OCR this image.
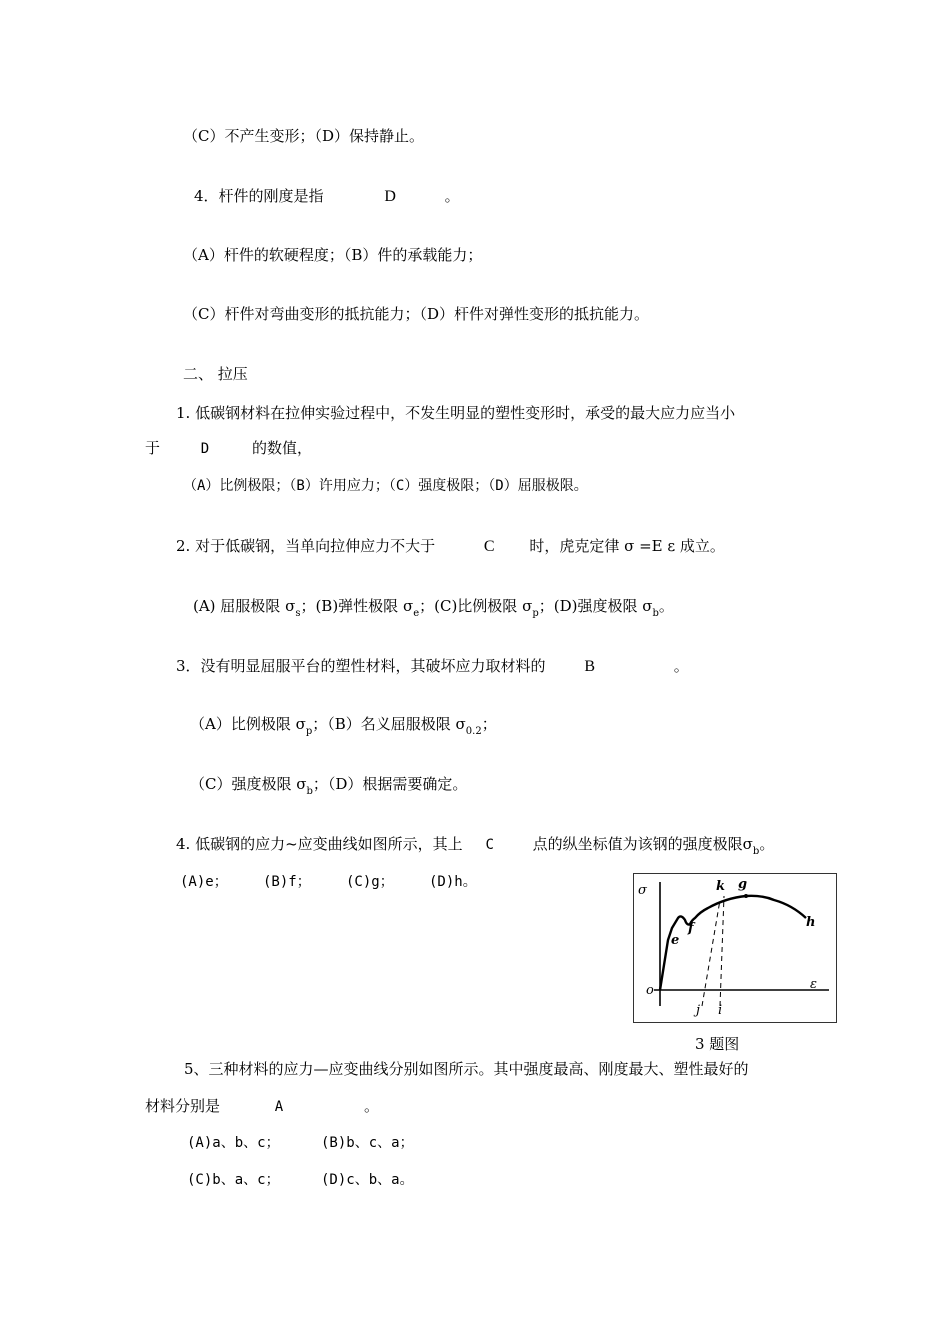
（C）不产生变形；（D）保持静止。
4．杆件的刚度是指	D	。
（A）杆件的软硬程度；（B）件的承载能力；
（C）杆件对弯曲变形的抵抗能力；（D）杆件对弹性变形的抵抗能力。
二、 拉压
1. 低碳钢材料在拉伸实验过程中，不发生明显的塑性变形时，承受的最大应力应当小
于	D	的数值，
（A）比例极限；（B）许用应力；（C）强度极限；（D）屈服极限。
2. 对于低碳钢，当单向拉伸应力不大于	C 时，虎克定律 σ =E ε 成立。
(A) 屈服极限 σs；(B)弹性极限 σe；(C)比例极限 σp；(D)强度极限 σb。
3．没有明显屈服平台的塑性材料，其破坏应力取材料的 B	。
（A）比例极限 σp；（B）名义屈服极限 σ0.2；
（C）强度极限 σb；（D）根据需要确定。
4. 低碳钢的应力~应变曲线如图所示，其上 C	点的纵坐标值为该钢的强度极限σb。
(A)e；	(B)f；	(C)g；	(D)h。
σ
ε
o
e
f
k g
h
j i
3 题图
5、三种材料的应力—应变曲线分别如图所示。其中强度最高、刚度最大、塑性最好的
材料分别是	A	。
(A)a、b、c；	(B)b、c、a；
(C)b、a、c；	(D)c、b、a。
